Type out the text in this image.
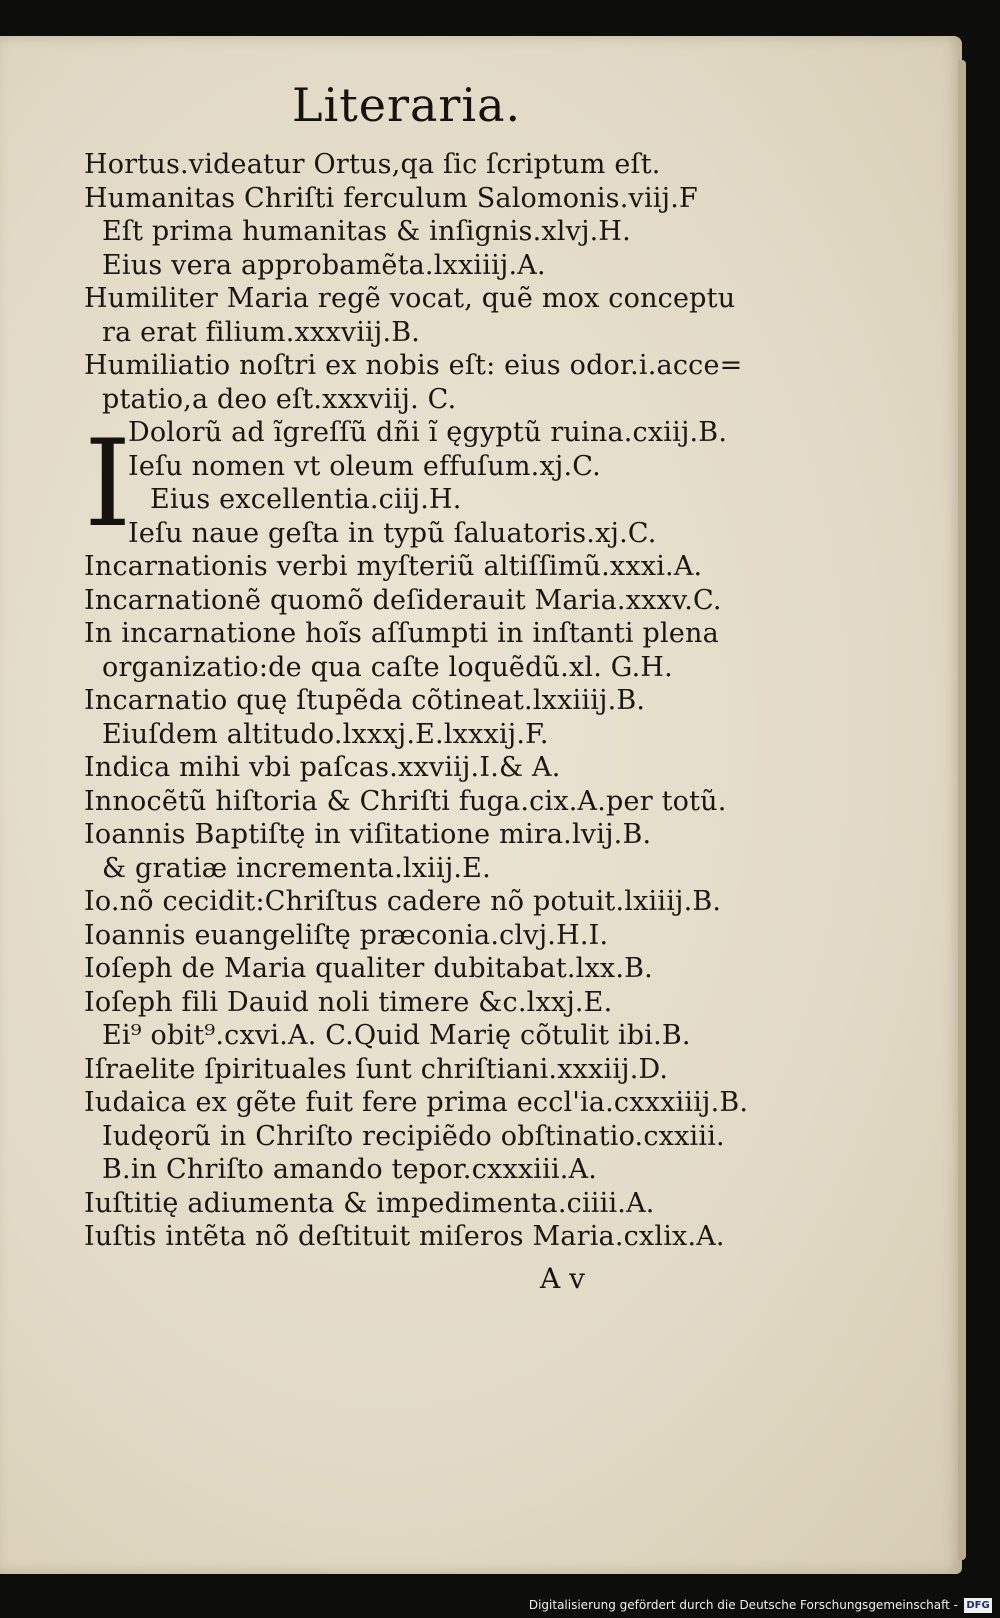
Literaria.
I
Hortus.videatur Ortus,qa ſic ſcriptum eſt.
Humanitas Chriſti ferculum Salomonis.viij.F
Eſt prima humanitas & inſignis.xlvj.H.
Eius vera approbamẽta.lxxiiij.A.
Humiliter Maria regẽ vocat, quẽ mox conceptu
ra erat filium.xxxviij.B.
Humiliatio noſtri ex nobis eſt: eius odor.i.acce=
ptatio,a deo eſt.xxxviij. C.
Dolorũ ad ĩgreſſũ dñi ĩ ęgyptũ ruina.cxiij.B.
Ieſu nomen vt oleum effuſum.xj.C.
Eius excellentia.ciij.H.
Ieſu naue geſta in typũ ſaluatoris.xj.C.
Incarnationis verbi myſteriũ altiſſimũ.xxxi.A.
Incarnationẽ quomõ deſiderauit Maria.xxxv.C.
In incarnatione hoĩs aſſumpti in inſtanti plena
organizatio:de qua caſte loquẽdũ.xl. G.H.
Incarnatio quę ſtupẽda cõtineat.lxxiiij.B.
Eiuſdem altitudo.lxxxj.E.lxxxij.F.
Indica mihi vbi paſcas.xxviij.I.& A.
Innocẽtũ hiſtoria & Chriſti fuga.cix.A.per totũ.
Ioannis Baptiſtę in viſitatione mira.lvij.B.
& gratiæ incrementa.lxiij.E.
Io.nõ cecidit:Chriſtus cadere nõ potuit.lxiiij.B.
Ioannis euangeliſtę præconia.clvj.H.I.
Ioſeph de Maria qualiter dubitabat.lxx.B.
Ioſeph fili Dauid noli timere &c.lxxj.E.
Ei⁹ obit⁹.cxvi.A. C.Quid Marię cõtulit ibi.B.
Iſraelite ſpirituales ſunt chriſtiani.xxxiij.D.
Iudaica ex gẽte fuit fere prima eccl'ia.cxxxiiij.B.
Iudęorũ in Chriſto recipiẽdo obſtinatio.cxxiii.
B.in Chriſto amando tepor.cxxxiii.A.
Iuſtitię adiumenta & impedimenta.ciiii.A.
Iuſtis intẽta nõ deſtituit miſeros Maria.cxlix.A.
A v
Digitalisierung gefördert durch die Deutsche Forschungsgemeinschaft - DFG
